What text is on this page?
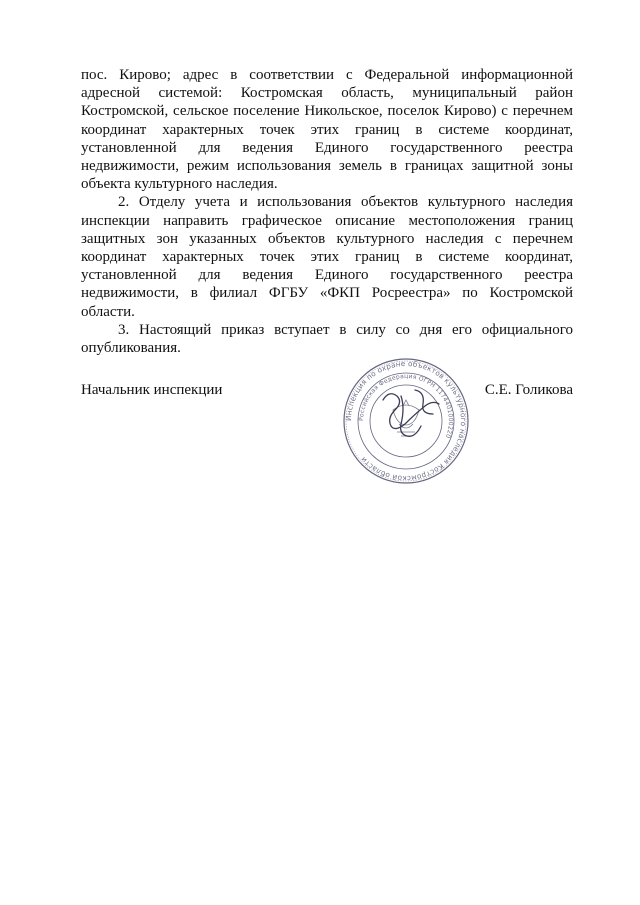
пос. Кирово; адрес в соответствии с Федеральной информационной адресной системой: Костромская область, муниципальный район Костромской, сельское поселение Никольское, поселок Кирово) с перечнем координат характерных точек этих границ в системе координат, установленной для ведения Единого государственного реестра недвижимости, режим использования земель в границах защитной зоны объекта культурного наследия.

2. Отделу учета и использования объектов культурного наследия инспекции направить графическое описание местоположения границ защитных зон указанных объектов культурного наследия с перечнем координат характерных точек этих границ в системе координат, установленной для ведения Единого государственного реестра недвижимости, в филиал ФГБУ «ФКП Росреестра» по Костромской области.

3. Настоящий приказ вступает в силу со дня его официального опубликования.

Начальник инспекции	С.Е. Голикова
Инспекция по охране объектов культурного наследия Костромской области
Российская Федерация ОГРН 1174401000220
